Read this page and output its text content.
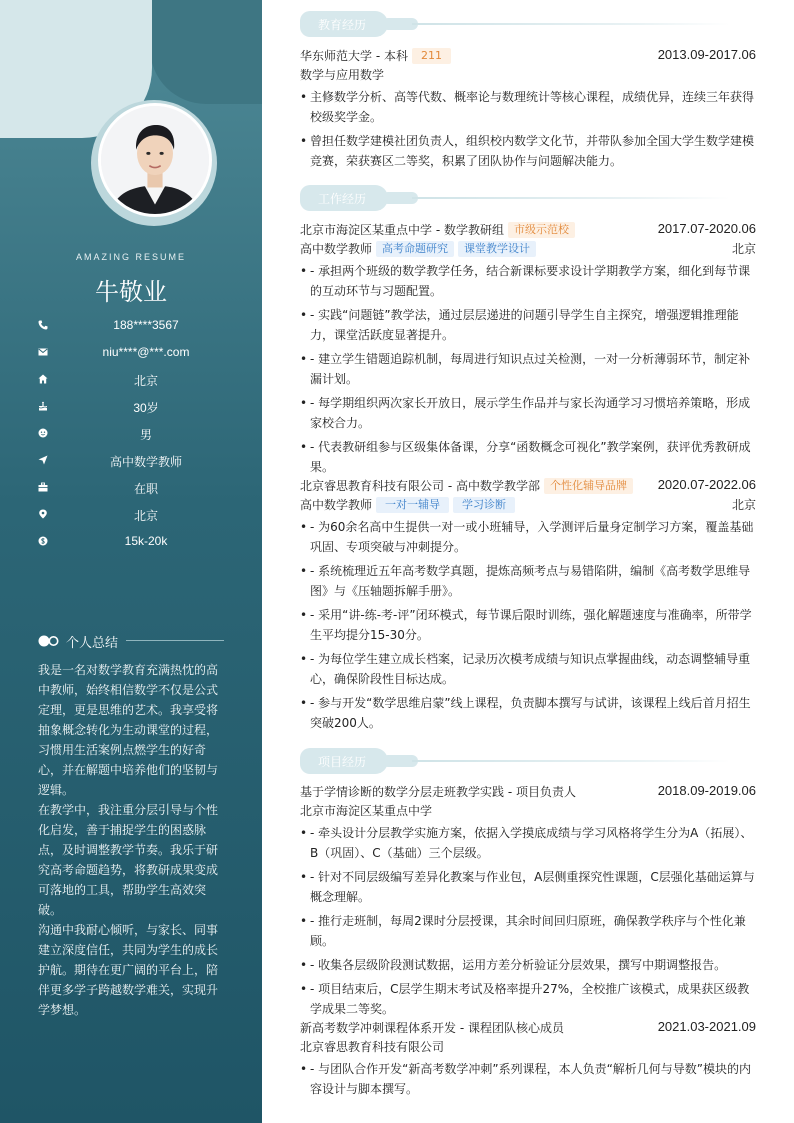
AMAZING RESUME
牛敬业
188****3567
niu****@***.com
北京
30岁
男
高中数学教师
在职
北京
15k-20k
个人总结

我是一名对数学教育充满热忱的高中教师，始终相信数学不仅是公式定理，更是思维的艺术。我享受将抽象概念转化为生动课堂的过程，习惯用生活案例点燃学生的好奇心，并在解题中培养他们的坚韧与逻辑。

在教学中，我注重分层引导与个性化启发，善于捕捉学生的困惑脉点，及时调整教学节奏。我乐于研究高考命题趋势，将教研成果变成可落地的工具，帮助学生高效突破。

沟通中我耐心倾听，与家长、同事建立深度信任，共同为学生的成长护航。期待在更广阔的平台上，陪伴更多学子跨越数学难关，实现升学梦想。

教育经历
华东师范大学 - 本科 211	2013.09-2017.06
数学与应用数学
• 主修数学分析、高等代数、概率论与数理统计等核心课程，成绩优异，连续三年获得校级奖学金。
• 曾担任数学建模社团负责人，组织校内数学文化节，并带队参加全国大学生数学建模竞赛，荣获赛区二等奖，积累了团队协作与问题解决能力。
工作经历
北京市海淀区某重点中学 - 数学教研组 市级示范校	2017.07-2020.06
高中数学教师 高考命题研究 课堂教学设计	北京
• - 承担两个班级的数学教学任务，结合新课标要求设计学期教学方案，细化到每节课的互动环节与习题配置。
• - 实践“问题链”教学法，通过层层递进的问题引导学生自主探究，增强逻辑推理能力，课堂活跃度显著提升。
• - 建立学生错题追踪机制，每周进行知识点过关检测，一对一分析薄弱环节，制定补漏计划。
• - 每学期组织两次家长开放日，展示学生作品并与家长沟通学习习惯培养策略，形成家校合力。
• - 代表教研组参与区级集体备课，分享“函数概念可视化”教学案例，获评优秀教研成果。
北京睿思教育科技有限公司 - 高中数学教学部 个性化辅导品牌	2020.07-2022.06
高中数学教师 一对一辅导 学习诊断	北京
• - 为60余名高中生提供一对一或小班辅导，入学测评后量身定制学习方案，覆盖基础巩固、专项突破与冲刺提分。
• - 系统梳理近五年高考数学真题，提炼高频考点与易错陷阱，编制《高考数学思维导图》与《压轴题拆解手册》。
• - 采用“讲-练-考-评”闭环模式，每节课后限时训练，强化解题速度与准确率，所带学生平均提分15-30分。
• - 为每位学生建立成长档案，记录历次模考成绩与知识点掌握曲线，动态调整辅导重心，确保阶段性目标达成。
• - 参与开发“数学思维启蒙”线上课程，负责脚本撰写与试讲，该课程上线后首月招生突破200人。
项目经历
基于学情诊断的数学分层走班教学实践 - 项目负责人	2018.09-2019.06
北京市海淀区某重点中学
• - 牵头设计分层教学实施方案，依据入学摸底成绩与学习风格将学生分为A（拓展）、B（巩固）、C（基础）三个层级。
• - 针对不同层级编写差异化教案与作业包，A层侧重探究性课题，C层强化基础运算与概念理解。
• - 推行走班制，每周2课时分层授课，其余时间回归原班，确保教学秩序与个性化兼顾。
• - 收集各层级阶段测试数据，运用方差分析验证分层效果，撰写中期调整报告。
• - 项目结束后，C层学生期末考试及格率提升27%，全校推广该模式，成果获区级教学成果二等奖。
新高考数学冲刺课程体系开发 - 课程团队核心成员	2021.03-2021.09
北京睿思教育科技有限公司
• - 与团队合作开发“新高考数学冲刺”系列课程，本人负责“解析几何与导数”模块的内容设计与脚本撰写。
